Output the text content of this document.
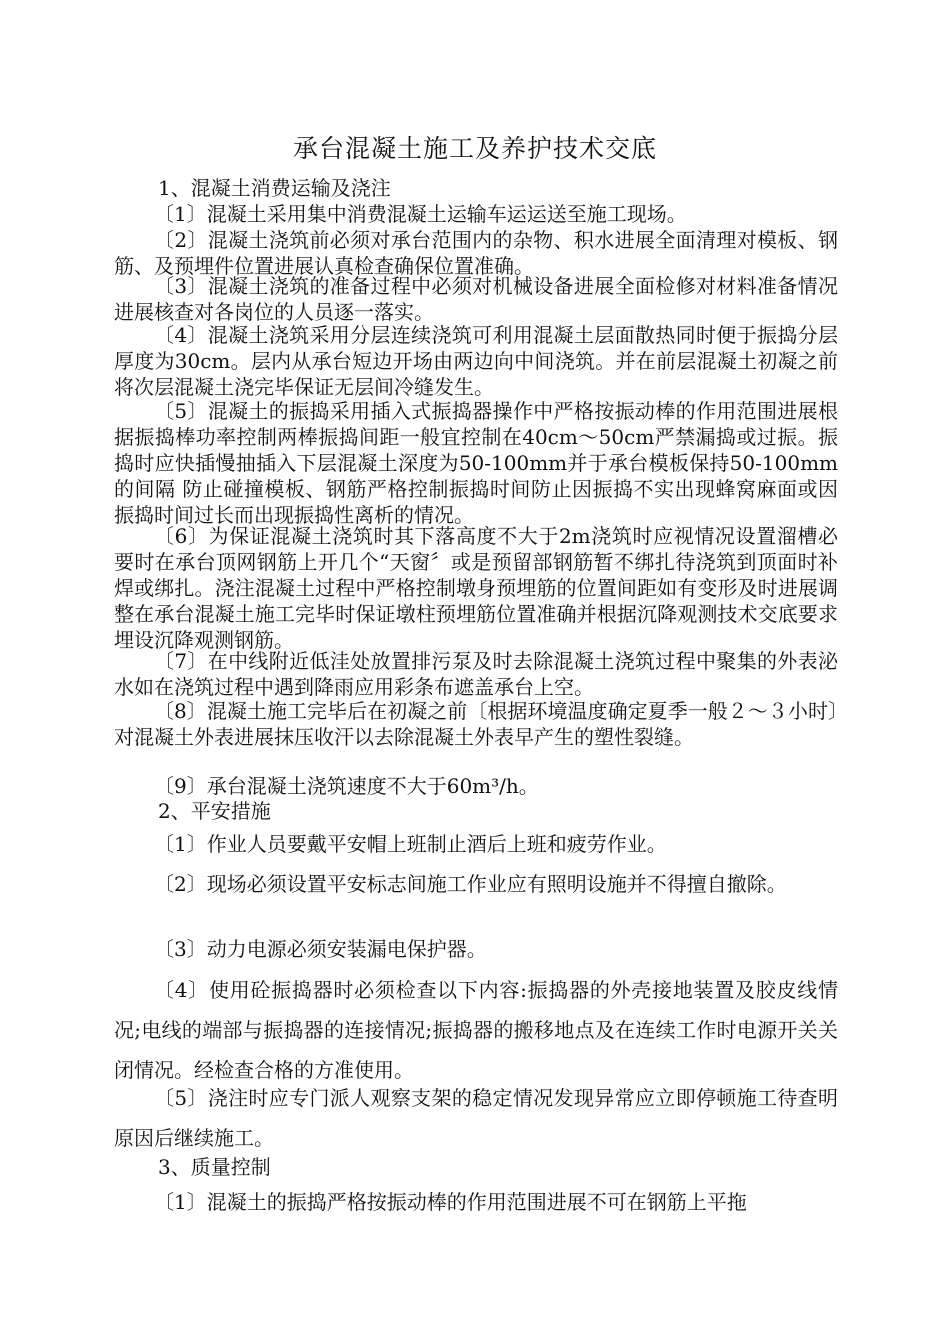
承台混凝土施工及养护技术交底
1、混凝土消费运输及浇注

〔1〕混凝土采用集中消费混凝土运输车运运送至施工现场。

〔2〕混凝土浇筑前必须对承台范围内的杂物、积水进展全面清理对模板、钢筋、及预埋件位置进展认真检查确保位置准确。

〔3〕混凝土浇筑的准备过程中必须对机械设备进展全面检修对材料准备情况进展核查对各岗位的人员逐一落实。

〔4〕混凝土浇筑采用分层连续浇筑可利用混凝土层面散热同时便于振捣分层厚度为30cm。层内从承台短边开场由两边向中间浇筑。并在前层混凝土初凝之前将次层混凝土浇完毕保证无层间冷缝发生。

〔5〕混凝土的振捣采用插入式振捣器操作中严格按振动棒的作用范围进展根据振捣棒功率控制两棒振捣间距一般宜控制在40cm～50cm严禁漏捣或过振。振捣时应快插慢抽插入下层混凝土深度为50-100mm并于承台模板保持50-100mm的间隔 防止碰撞模板、钢筋严格控制振捣时间防止因振捣不实出现蜂窝麻面或因振捣时间过长而出现振捣性离析的情况。

〔6〕为保证混凝土浇筑时其下落高度不大于2m浇筑时应视情况设置溜槽必要时在承台顶网钢筋上开几个“天窗〞或是预留部钢筋暂不绑扎待浇筑到顶面时补焊或绑扎。浇注混凝土过程中严格控制墩身预埋筋的位置间距如有变形及时进展调整在承台混凝土施工完毕时保证墩柱预埋筋位置准确并根据沉降观测技术交底要求埋设沉降观测钢筋。

〔7〕在中线附近低洼处放置排污泵及时去除混凝土浇筑过程中聚集的外表泌水如在浇筑过程中遇到降雨应用彩条布遮盖承台上空。

〔8〕混凝土施工完毕后在初凝之前〔根据环境温度确定夏季一般２～３小时〕对混凝土外表进展抹压收汗以去除混凝土外表早产生的塑性裂缝。

〔9〕承台混凝土浇筑速度不大于60m³/h。

2、平安措施

〔1〕作业人员要戴平安帽上班制止酒后上班和疲劳作业。

〔2〕现场必须设置平安标志间施工作业应有照明设施并不得擅自撤除。

〔3〕动力电源必须安装漏电保护器。

〔4〕使用砼振捣器时必须检查以下内容:振捣器的外壳接地装置及胶皮线情况;电线的端部与振捣器的连接情况;振捣器的搬移地点及在连续工作时电源开关关闭情况。经检查合格的方准使用。

〔5〕浇注时应专门派人观察支架的稳定情况发现异常应立即停顿施工待查明原因后继续施工。

3、质量控制

〔1〕混凝土的振捣严格按振动棒的作用范围进展不可在钢筋上平拖
